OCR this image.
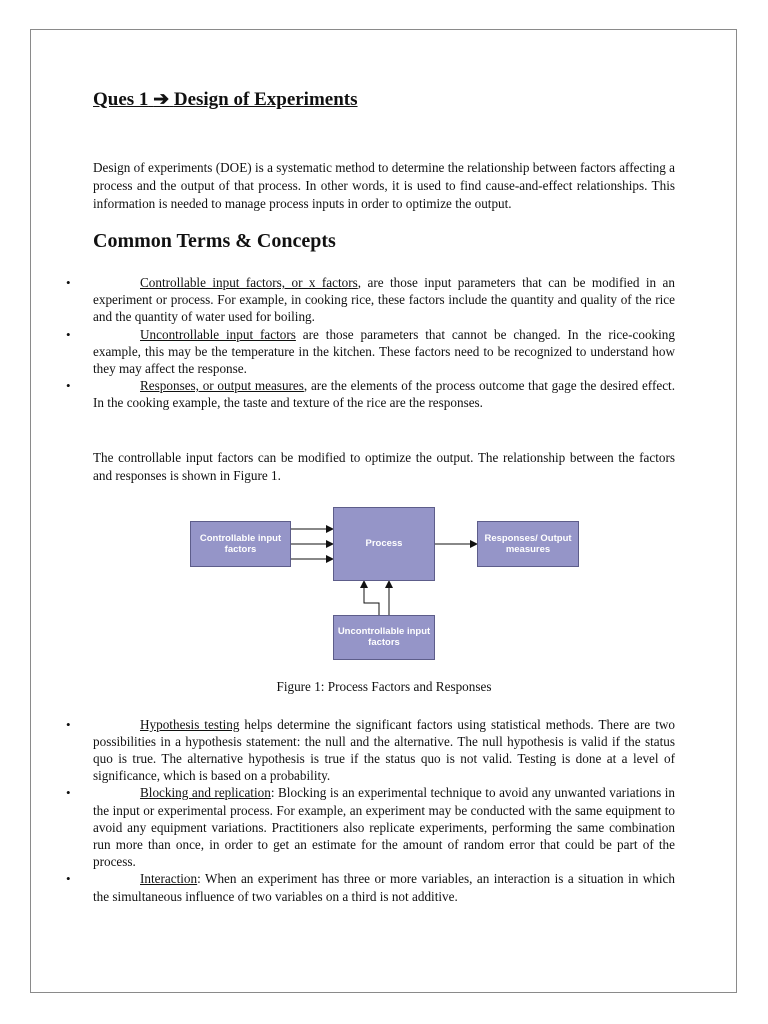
Ques 1 ➔ Design of Experiments

Design of experiments (DOE) is a systematic method to determine the relationship between factors affecting a process and the output of that process. In other words, it is used to find cause-and-effect relationships. This information is needed to manage process inputs in order to optimize the output.

Common Terms & Concepts
•	Controllable input factors, or x factors, are those input parameters that can be modified in an experiment or process. For example, in cooking rice, these factors include the quantity and quality of the rice and the quantity of water used for boiling.
•	Uncontrollable input factors are those parameters that cannot be changed. In the rice-cooking example, this may be the temperature in the kitchen. These factors need to be recognized to understand how they may affect the response.
•	Responses, or output measures, are the elements of the process outcome that gage the desired effect. In the cooking example, the taste and texture of the rice are the responses.

The controllable input factors can be modified to optimize the output. The relationship between the factors and responses is shown in Figure 1.

Controllable input factors	Process	Responses/ Output measures
Uncontrollable input factors

Figure 1: Process Factors and Responses

•	Hypothesis testing helps determine the significant factors using statistical methods. There are two possibilities in a hypothesis statement: the null and the alternative. The null hypothesis is valid if the status quo is true. The alternative hypothesis is true if the status quo is not valid. Testing is done at a level of significance, which is based on a probability.
•	Blocking and replication: Blocking is an experimental technique to avoid any unwanted variations in the input or experimental process. For example, an experiment may be conducted with the same equipment to avoid any equipment variations. Practitioners also replicate experiments, performing the same combination run more than once, in order to get an estimate for the amount of random error that could be part of the process.
•	Interaction: When an experiment has three or more variables, an interaction is a situation in which the simultaneous influence of two variables on a third is not additive.
